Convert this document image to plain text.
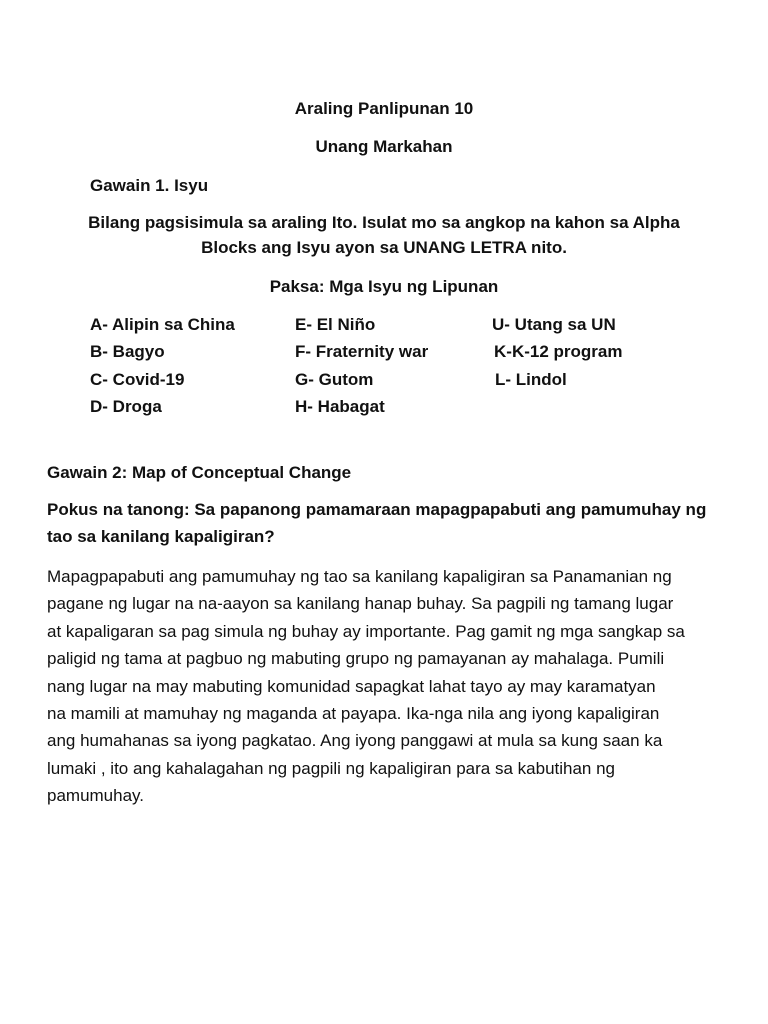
Araling Panlipunan 10
Unang Markahan
Gawain 1. Isyu
Bilang pagsisimula sa araling Ito. Isulat mo sa angkop na kahon sa Alpha
Blocks ang Isyu ayon sa UNANG LETRA nito.
Paksa: Mga Isyu ng Lipunan
A- Alipin sa China
B- Bagyo
C- Covid-19
D- Droga
E- El Niño
F- Fraternity war
G- Gutom
H- Habagat
U- Utang sa UN
K-K-12 program
L- Lindol
Gawain 2: Map of Conceptual Change
Pokus na tanong: Sa papanong pamamaraan mapagpapabuti ang pamumuhay ng
tao sa kanilang kapaligiran?
Mapagpapabuti ang pamumuhay ng tao sa kanilang kapaligiran sa Panamanian ng
pagane ng lugar na na-aayon sa kanilang hanap buhay. Sa pagpili ng tamang lugar
at kapaligaran sa pag simula ng buhay ay importante. Pag gamit ng mga sangkap sa
paligid ng tama at pagbuo ng mabuting grupo ng pamayanan ay mahalaga. Pumili
nang lugar na may mabuting komunidad sapagkat lahat tayo ay may karamatyan
na mamili at mamuhay ng maganda at payapa. Ika-nga nila ang iyong kapaligiran
ang humahanas sa iyong pagkatao. Ang iyong panggawi at mula sa kung saan ka
lumaki , ito ang kahalagahan ng pagpili ng kapaligiran para sa kabutihan ng
pamumuhay.
